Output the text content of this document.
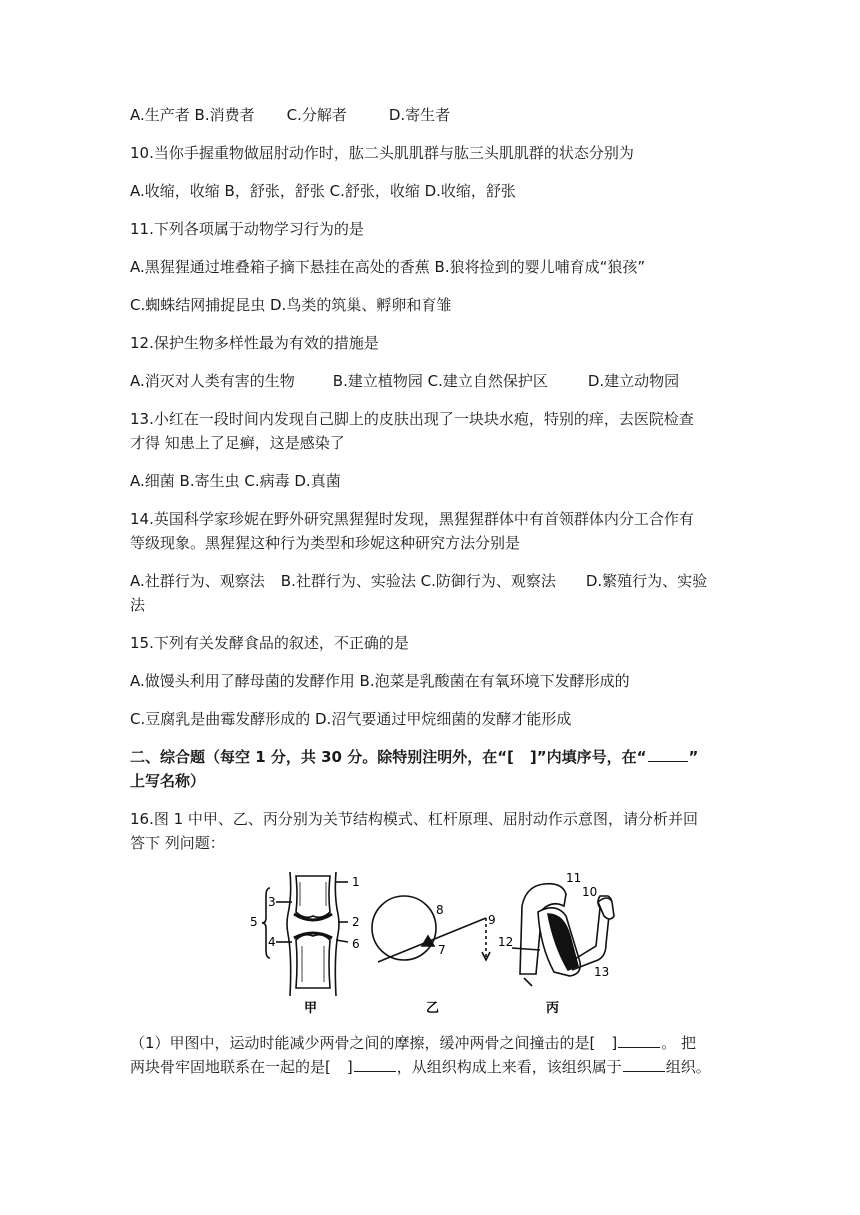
A.生产者 B.消费者 C.分解者	D.寄生者
10.当你手握重物做屈肘动作时，肱二头肌肌群与肱三头肌肌群的状态分别为
A.收缩，收缩 B，舒张，舒张 C.舒张，收缩 D.收缩，舒张
11.下列各项属于动物学习行为的是
A.黑猩猩通过堆叠箱子摘下悬挂在高处的香蕉 B.狼将捡到的婴儿哺育成“狼孩”
C.蜘蛛结网捕捉昆虫 D.鸟类的筑巢、孵卵和育雏
12.保护生物多样性最为有效的措施是
A.消灭对人类有害的生物	B.建立植物园 C.建立自然保护区	D.建立动物园
13.小红在一段时间内发现自己脚上的皮肤出现了一块块水疱，特别的痒，去医院检查
才得 知患上了足癣，这是感染了
A.细菌 B.寄生虫 C.病毒 D.真菌
14.英国科学家珍妮在野外研究黑猩猩时发现，黑猩猩群体中有首领群体内分工合作有
等级现象。黑猩猩这种行为类型和珍妮这种研究方法分别是
A.社群行为、观察法 B.社群行为、实验法 C.防御行为、观察法 D.繁殖行为、实验
法
15.下列有关发酵食品的叙述，不正确的是
A.做馒头利用了酵母菌的发酵作用 B.泡菜是乳酸菌在有氧环境下发酵形成的
C.豆腐乳是曲霉发酵形成的 D.沼气要通过甲烷细菌的发酵才能形成
二、综合题（每空 1 分，共 30 分。除特别注明外，在“[ ]”内填序号，在“	”
上写名称）
16.图 1 中甲、乙、丙分别为关节结构模式、杠杆原理、屈肘动作示意图，请分析并回
答下 列问题：
1
2
6
3
4
5
甲
8
9
7
乙
11
10
12
13
丙
（1）甲图中，运动时能减少两骨之间的摩擦，缓冲两骨之间撞击的是[ ]	。 把
两块骨牢固地联系在一起的是[ ]	，从组织构成上来看，该组织属于	组织。
